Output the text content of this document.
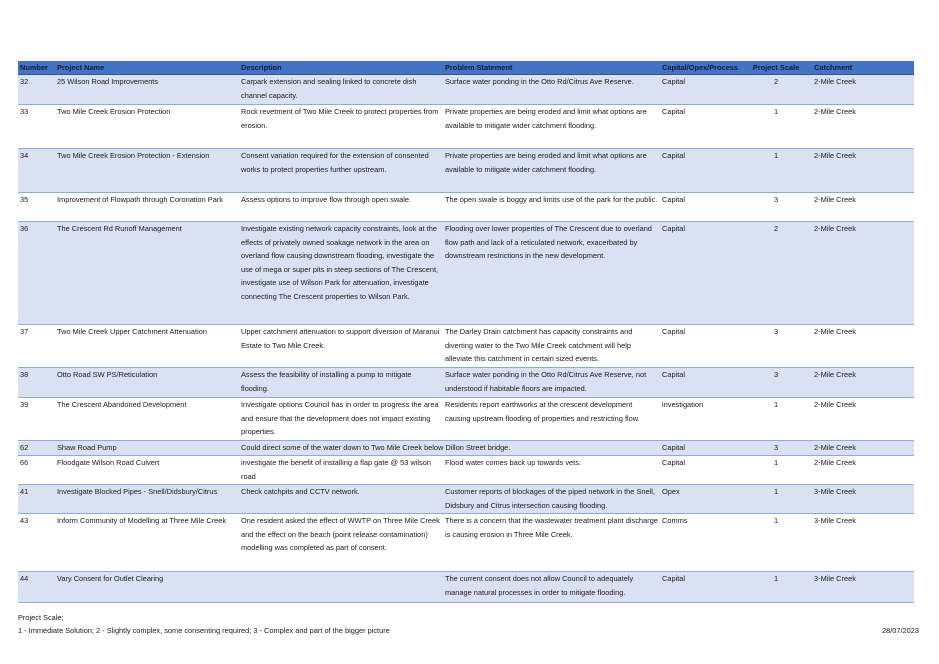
Number	Project Name	Description	Problem Statement	Capital/Opex/Process	Project Scale	Catchment
32	25 Wilson Road Improvements	Carpark extension and sealing linked to concrete dish channel capacity.	Surface water ponding in the Otto Rd/Citrus Ave Reserve.	Capital	2	2-Mile Creek
33	Two Mile Creek Erosion Protection	Rock revetment of Two Mile Creek to protect properties from erosion.	Private properties are being eroded and limit what options are available to mitigate wider catchment flooding.	Capital	1	2-Mile Creek
34	Two Mile Creek Erosion Protection - Extension	Consent variation required for the extension of consented works to protect properties further upstream.	Private properties are being eroded and limit what options are available to mitigate wider catchment flooding.	Capital	1	2-Mile Creek
35	Improvement of Flowpath through Coronation Park	Assess options to improve flow through open swale.	The open swale is boggy and limits use of the park for the public.	Capital	3	2-Mile Creek
36	The Crescent Rd Runoff Management	Investigate existing network capacity constraints, look at the effects of privately owned soakage network in the area on overland flow causing downstream flooding, investigate the use of mega or super pits in steep sections of The Crescent, investigate use of Wilson Park for attenuation, investigate connecting The Crescent properties to Wilson Park.	Flooding over lower properties of The Crescent due to overland flow path and lack of a reticulated network, exacerbated by downstream restrictions in the new development.	Capital	2	2-Mile Creek
37	Two Mile Creek Upper Catchment Attenuation	Upper catchment attenuation to support diversion of Maranui Estate to Two Mile Creek.	The Darley Drain catchment has capacity constraints and diverting water to the Two Mile Creek catchment will help alleviate this catchment in certain sized events.	Capital	3	2-Mile Creek
38	Otto Road SW PS/Reticulation	Assess the feasibility of installing a pump to mitigate flooding.	Surface water ponding in the Otto Rd/Citrus Ave Reserve, not understood if habitable floors are impacted.	Capital	3	2-Mile Creek
39	The Crescent Abandoned Development	Investigate options Council has in order to progress the area and ensure that the development does not impact existing properties.	Residents report earthworks at the crescent development causing upstream flooding of properties and restricting flow.	investigation	1	2-Mile Creek
62	Shaw Road Pump	Could direct some of the water down to Two Mile Creek below Dillon Street bridge.		Capital	3	2-Mile Creek
66	Floodgate Wilson Road Culvert	investigate the benefit of installing a flap gate @ 53 wilson road	Flood water comes back up towards vets.	Capital	1	2-Mile Creek
41	Investigate Blocked Pipes - Snell/Didsbury/Citrus	Check catchpits and CCTV network.	Customer reports of blockages of the piped network in the Snell, Didsbury and Citrus intersection causing flooding.	Opex	1	3-Mile Creek
43	Inform Community of Modelling at Three Mile Creek	One resident asked the effect of WWTP on Three Mile Creek and the effect on the beach (point release contamination) modelling was completed as part of consent.	There is a concern that the wastewater treatment plant discharge is causing erosion in Three Mile Creek.	Comms	1	3-Mile Creek
44	Vary Consent for Outlet Clearing		The current consent does not allow Council to adequately manage natural processes in order to mitigate flooding.	Capital	1	3-Mile Creek
Project Scale;
1 - Immediate Solution; 2 - Slightly complex, some consenting required; 3 - Complex and part of the bigger picture	28/07/2023
